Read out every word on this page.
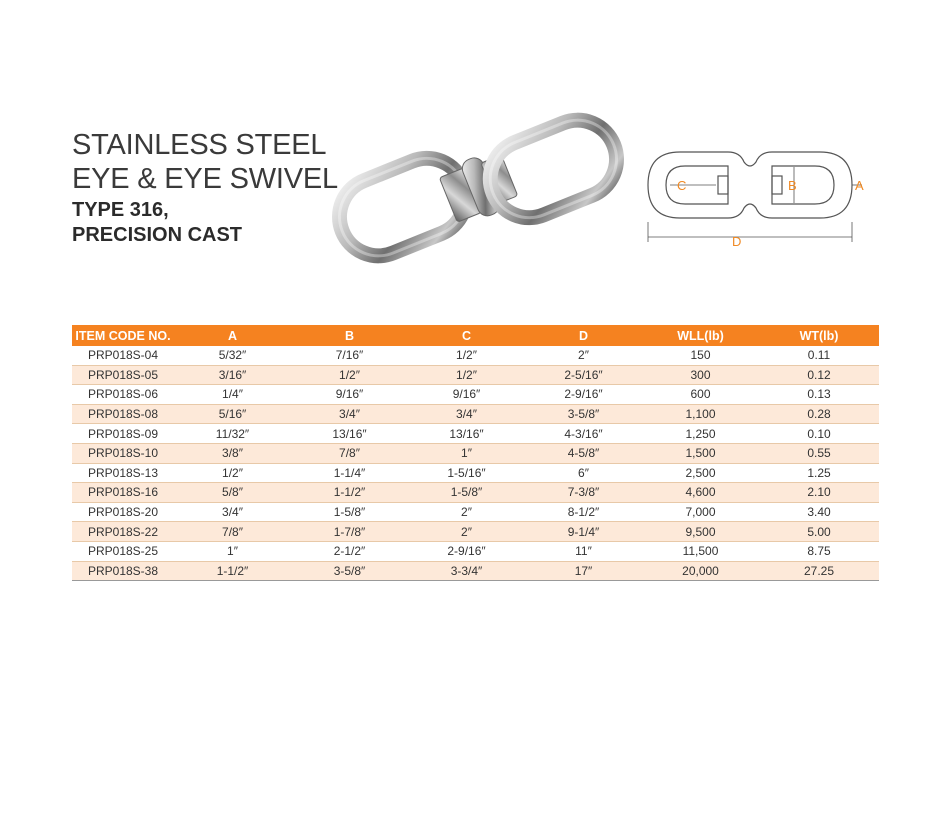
STAINLESS STEEL
EYE & EYE SWIVEL
TYPE 316,
PRECISION CAST
C	B	A
D
ITEM CODE NO.	A	B	C	D	WLL(lb)	WT(lb)
PRP018S-04	5/32″	7/16″	1/2″	2″	150	0.11
PRP018S-05	3/16″	1/2″	1/2″	2-5/16″	300	0.12
PRP018S-06	1/4″	9/16″	9/16″	2-9/16″	600	0.13
PRP018S-08	5/16″	3/4″	3/4″	3-5/8″	1,100	0.28
PRP018S-09	11/32″	13/16″	13/16″	4-3/16″	1,250	0.10
PRP018S-10	3/8″	7/8″	1″	4-5/8″	1,500	0.55
PRP018S-13	1/2″	1-1/4″	1-5/16″	6″	2,500	1.25
PRP018S-16	5/8″	1-1/2″	1-5/8″	7-3/8″	4,600	2.10
PRP018S-20	3/4″	1-5/8″	2″	8-1/2″	7,000	3.40
PRP018S-22	7/8″	1-7/8″	2″	9-1/4″	9,500	5.00
PRP018S-25	1″	2-1/2″	2-9/16″	11″	11,500	8.75
PRP018S-38	1-1/2″	3-5/8″	3-3/4″	17″	20,000	27.25
